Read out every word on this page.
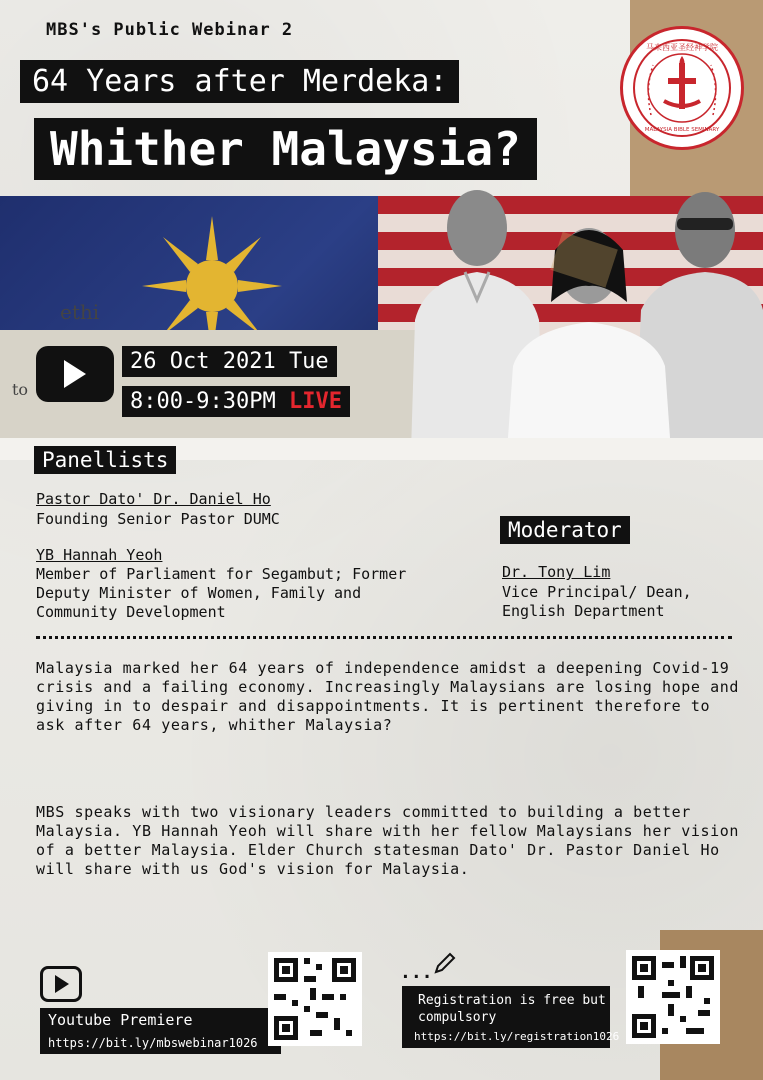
MBS's Public Webinar 2
64 Years after Merdeka:
Whither Malaysia?
马来西亚圣经神学院
MALAYSIA BIBLE SEMINARY
ethi
to
26 Oct 2021 Tue
8:00-9:30PM LIVE
Panellists
Pastor Dato' Dr. Daniel Ho
Founding Senior Pastor DUMC
YB Hannah Yeoh
Member of Parliament for Segambut; Former Deputy Minister of Women, Family and Community Development
Moderator
Dr. Tony Lim
Vice Principal/ Dean, English Department
Malaysia marked her 64 years of independence amidst a deepening Covid-19 crisis and a failing economy. Increasingly Malaysians are losing hope and giving in to despair and disappointments. It is pertinent therefore to ask after 64 years, whither Malaysia?
MBS speaks with two visionary leaders committed to building a better Malaysia. YB Hannah Yeoh will share with her fellow Malaysians her vision of a better Malaysia. Elder Church statesman Dato' Dr. Pastor Daniel Ho will share with us God's vision for Malaysia.
Youtube Premiere
https://bit.ly/mbswebinar1026
...
Registration is free but compulsory
https://bit.ly/registration1026
